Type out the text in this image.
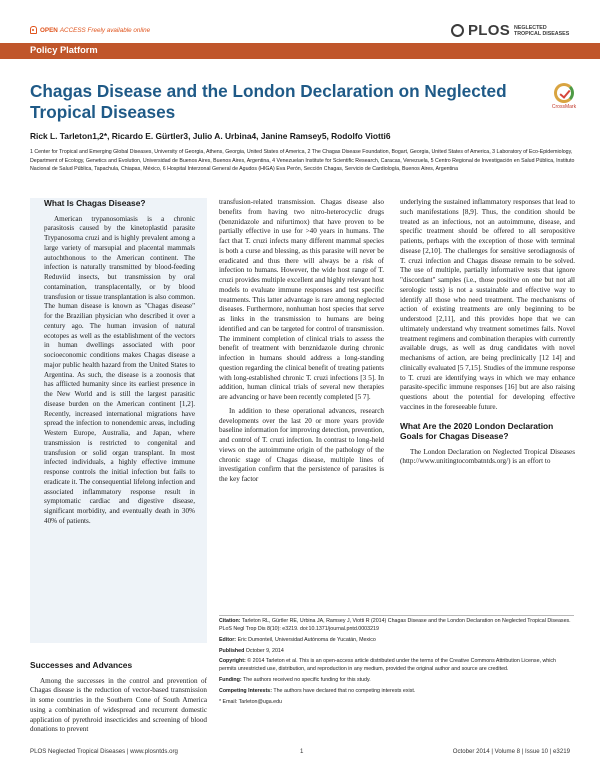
OPEN ACCESS Freely available online	PLOS NEGLECTED TROPICAL DISEASES
Policy Platform
Chagas Disease and the London Declaration on Neglected Tropical Diseases	CrossMark
Rick L. Tarleton1,2*, Ricardo E. Gürtler3, Julio A. Urbina4, Janine Ramsey5, Rodolfo Viotti6
1 Center for Tropical and Emerging Global Diseases, University of Georgia, Athens, Georgia, United States of America, 2 The Chagas Disease Foundation, Bogart, Georgia, United States of America, 3 Laboratory of Eco-Epidemiology, Department of Ecology, Genetics and Evolution, Universidad de Buenos Aires, Buenos Aires, Argentina, 4 Venezuelan Institute for Scientific Research, Caracas, Venezuela, 5 Centro Regional de Investigación en Salud Pública, Instituto Nacional de Salud Pública, Tapachula, Chiapas, México, 6 Hospital Interzonal General de Agudos (HIGA) Eva Perón, Sección Chagas, Servicio de Cardiología, Buenos Aires, Argentina
What Is Chagas Disease?

American trypanosomiasis is a chronic parasitosis caused by the kinetoplastid parasite Trypanosoma cruzi and is highly prevalent among a large variety of marsupial and placental mammals autochthonous to the American continent. The infection is naturally transmitted by blood-feeding Reduviid insects, but transmission by oral contamination, transplacentally, or by blood transfusion or tissue transplantation is also common. The human disease is known as "Chagas disease" for the Brazilian physician who described it over a century ago. The human invasion of natural ecotopes as well as the establishment of the vectors in human dwellings associated with poor socioeconomic conditions makes Chagas disease a major public health hazard from the United States to Argentina. As such, the disease is a zoonosis that has afflicted humanity since its earliest presence in the New World and is still the largest parasitic disease burden on the American continent [1,2]. Recently, increased international migrations have spread the infection to nonendemic areas, including Western Europe, Australia, and Japan, where transmission is restricted to congenital and transfusion or solid organ transplant. In most infected individuals, a highly effective immune response controls the initial infection but fails to eradicate it. The consequential lifelong infection and associated inflammatory response result in symptomatic cardiac and digestive disease, significant morbidity, and eventually death in 30% 40% of patients.

Successes and Advances

Among the successes in the control and prevention of Chagas disease is the reduction of vector-based transmission in some countries in the Southern Cone of South America using a combination of widespread and recurrent domestic application of pyrethroid insecticides and screening of blood donations to prevent

transfusion-related transmission. Chagas disease also benefits from having two nitro-heterocyclic drugs (benznidazole and nifurtimox) that have proven to be partially effective in use for >40 years in humans. The fact that T. cruzi infects many different mammal species is both a curse and blessing, as this parasite will never be eradicated and thus there will always be a risk of infection to humans. However, the wide host range of T. cruzi provides multiple excellent and highly relevant host models to evaluate immune responses and test specific treatments. This latter advantage is rare among neglected diseases. Furthermore, nonhuman host species that serve as links in the transmission to humans are being identified and can be targeted for control of transmission. The imminent completion of clinical trials to assess the benefit of treatment with benznidazole during chronic infection in humans should address a long-standing question regarding the clinical benefit of treating patients with long-established chronic T. cruzi infections [3 5]. In addition, human clinical trials of several new therapies are advancing or have been recently completed [5 7].

In addition to these operational advances, research developments over the last 20 or more years provide baseline information for improving detection, prevention, and control of T. cruzi infection. In contrast to long-held views on the autoimmune origin of the pathology of the chronic stage of Chagas disease, multiple lines of investigation confirm that the persistence of parasites is the key factor

underlying the sustained inflammatory responses that lead to such manifestations [8,9]. Thus, the condition should be treated as an infectious, not an autoimmune, disease, and specific treatment should be offered to all seropositive patients, perhaps with the exception of those with terminal disease [2,10]. The challenges for sensitive serodiagnosis of T. cruzi infection and Chagas disease remain to be solved. The use of multiple, partially informative tests that ignore "discordant" samples (i.e., those positive on one but not all serologic tests) is not a sustainable and effective way to identify all those who need treatment. The mechanisms of action of existing treatments are only beginning to be understood [2,11], and this provides hope that we can ultimately understand why treatment sometimes fails. Novel treatment regimens and combination therapies with currently available drugs, as well as drug candidates with novel mechanisms of action, are being preclinically [12 14] and clinically evaluated [5 7,15]. Studies of the immune response to T. cruzi are identifying ways in which we may enhance parasite-specific immune responses [16] but are also raising questions about the potential for developing effective vaccines in the foreseeable future.

What Are the 2020 London Declaration Goals for Chagas Disease?

The London Declaration on Neglected Tropical Diseases (http://www.unitingtocombatntds.org/) is an effort to

Citation: Tarleton RL, Gürtler RE, Urbina JA, Ramsey J, Viotti R (2014) Chagas Disease and the London Declaration on Neglected Tropical Diseases. PLoS Negl Trop Dis 8(10): e3219. doi:10.1371/journal.pntd.0003219
Editor: Eric Dumonteil, Universidad Autónoma de Yucatán, Mexico
Published October 9, 2014
Copyright: © 2014 Tarleton et al. This is an open-access article distributed under the terms of the Creative Commons Attribution License, which permits unrestricted use, distribution, and reproduction in any medium, provided the original author and source are credited.
Funding: The authors received no specific funding for this study.
Competing Interests: The authors have declared that no competing interests exist.
* Email: Tarleton@uga.edu
PLOS Neglected Tropical Diseases | www.plosntds.org	1	October 2014 | Volume 8 | Issue 10 | e3219
